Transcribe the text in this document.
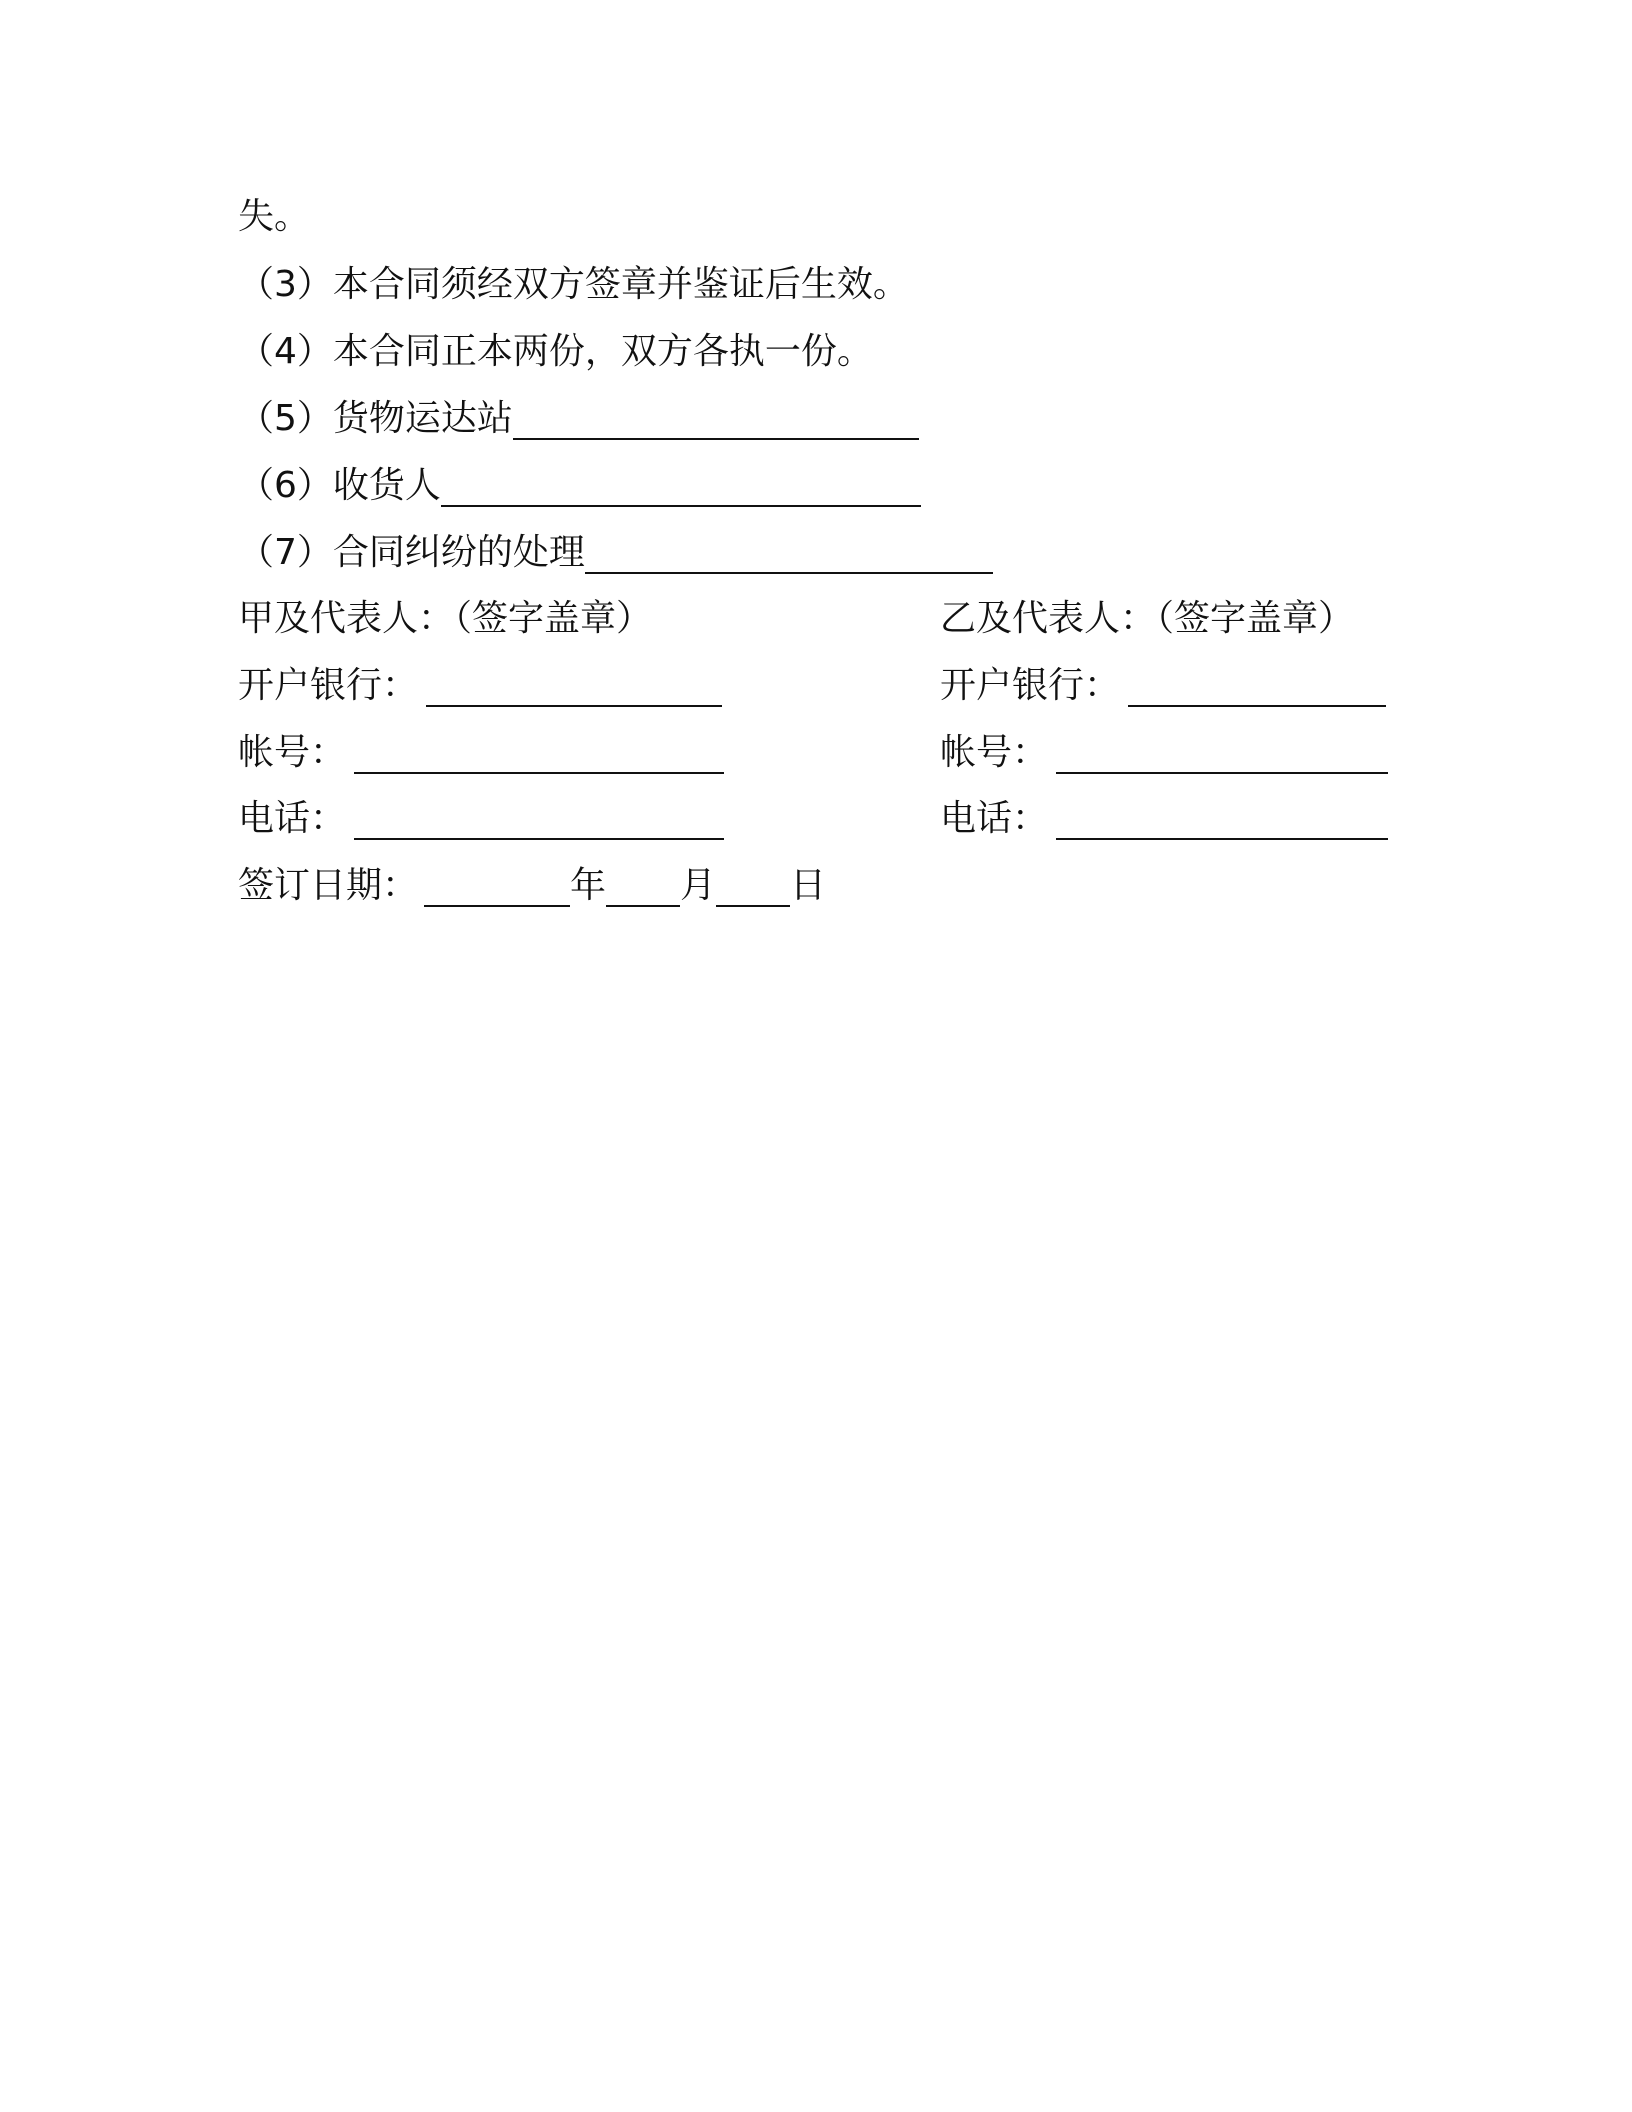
失。
（3）本合同须经双方签章并鉴证后生效。
（4）本合同正本两份，双方各执一份。
（5）货物运达站
（6）收货人
（7）合同纠纷的处理
甲及代表人：（签字盖章）	乙及代表人：（签字盖章）
开户银行：	开户银行：
帐号：	帐号：
电话：	电话：
签订日期：	年 月 日
